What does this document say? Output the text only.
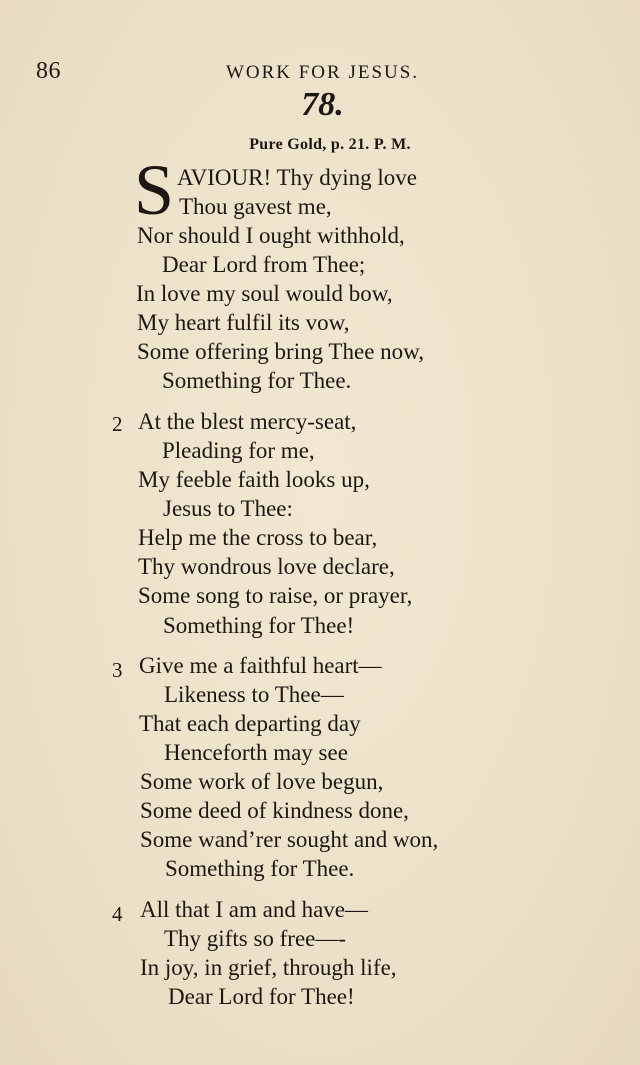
86	WORK FOR JESUS.
78.
Pure Gold, p. 21. P. M.
S AVIOUR! Thy dying love
Thou gavest me,
Nor should I ought withhold,
Dear Lord from Thee;
In love my soul would bow,
My heart fulfil its vow,
Some offering bring Thee now,
Something for Thee.
2 At the blest mercy-seat,
Pleading for me,
My feeble faith looks up,
Jesus to Thee:
Help me the cross to bear,
Thy wondrous love declare,
Some song to raise, or prayer,
Something for Thee!
3 Give me a faithful heart—
Likeness to Thee—
That each departing day
Henceforth may see
Some work of love begun,
Some deed of kindness done,
Some wand’rer sought and won,
Something for Thee.
4 All that I am and have—
Thy gifts so free—-
In joy, in grief, through life,
Dear Lord for Thee!
